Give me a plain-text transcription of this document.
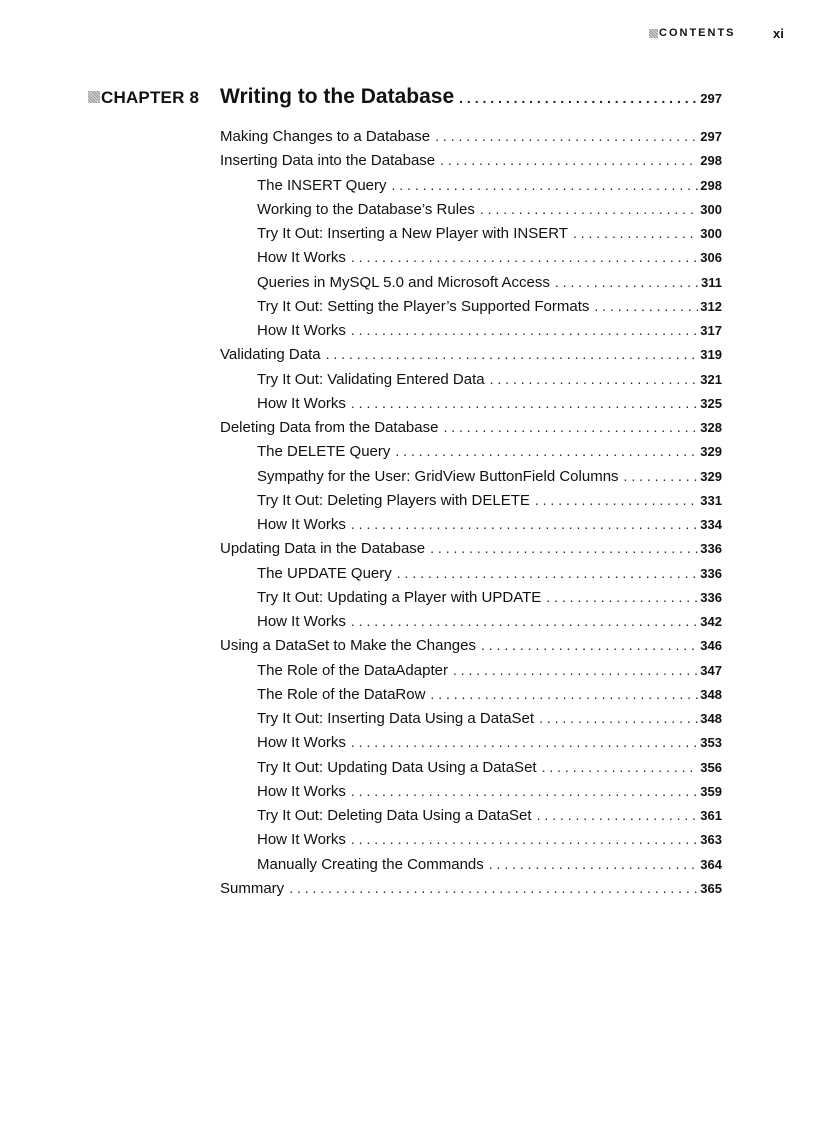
CONTENTS	xi
CHAPTER 8 Writing to the Database . . .	297
Making Changes to a Database . . .	297
Inserting Data into the Database . . .	298
The INSERT Query . . .	298
Working to the Database’s Rules . . .	300
Try It Out: Inserting a New Player with INSERT . . .	300
How It Works . . .	306
Queries in MySQL 5.0 and Microsoft Access . . .	311
Try It Out: Setting the Player’s Supported Formats . . .	312
How It Works . . .	317
Validating Data . . .	319
Try It Out: Validating Entered Data . . .	321
How It Works . . .	325
Deleting Data from the Database . . .	328
The DELETE Query . . .	329
Sympathy for the User: GridView ButtonField Columns . . .	329
Try It Out: Deleting Players with DELETE . . .	331
How It Works . . .	334
Updating Data in the Database . . .	336
The UPDATE Query . . .	336
Try It Out: Updating a Player with UPDATE . . .	336
How It Works . . .	342
Using a DataSet to Make the Changes . . .	346
The Role of the DataAdapter . . .	347
The Role of the DataRow . . .	348
Try It Out: Inserting Data Using a DataSet . . .	348
How It Works . . .	353
Try It Out: Updating Data Using a DataSet . . .	356
How It Works . . .	359
Try It Out: Deleting Data Using a DataSet . . .	361
How It Works . . .	363
Manually Creating the Commands . . .	364
Summary . . .	365
